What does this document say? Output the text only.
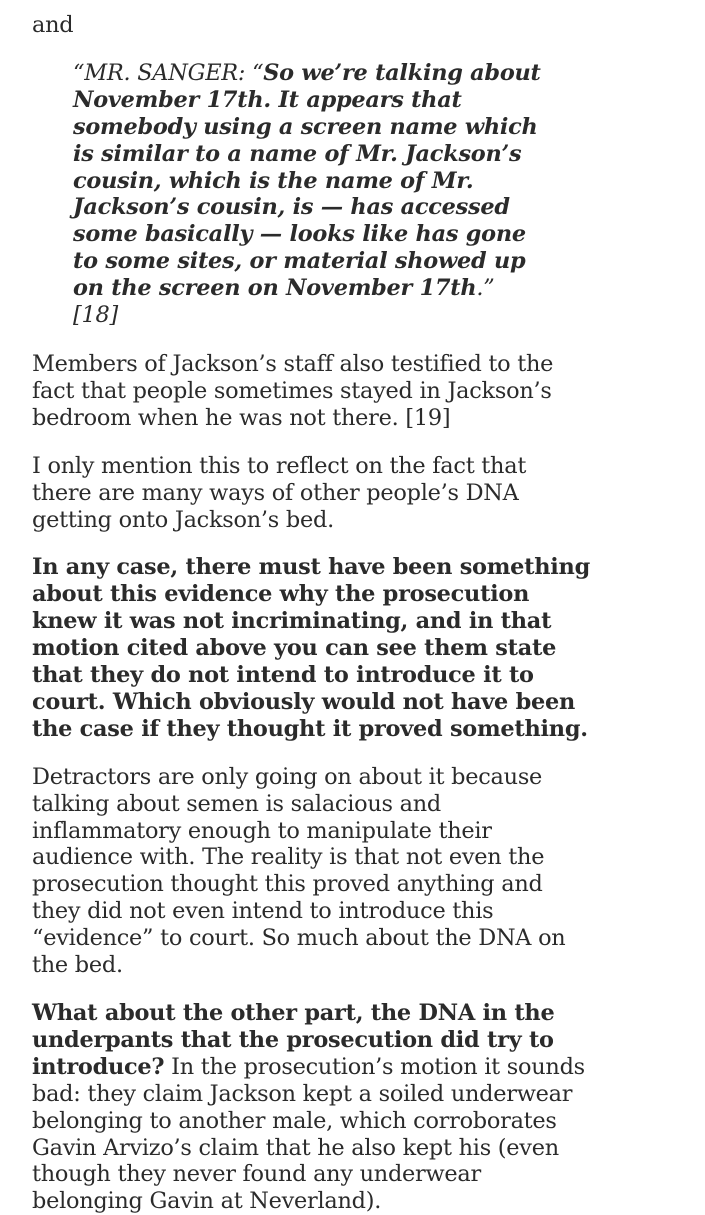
and

“MR. SANGER: “So we’re talking about November 17th. It appears that somebody using a screen name which is similar to a name of Mr. Jackson’s cousin, which is the name of Mr. Jackson’s cousin, is — has accessed some basically — looks like has gone to some sites, or material showed up on the screen on November 17th.” [18]

Members of Jackson’s staff also testified to the fact that people sometimes stayed in Jackson’s bedroom when he was not there. [19]

I only mention this to reflect on the fact that there are many ways of other people’s DNA getting onto Jackson’s bed.

In any case, there must have been something about this evidence why the prosecution knew it was not incriminating, and in that motion cited above you can see them state that they do not intend to introduce it to court. Which obviously would not have been the case if they thought it proved something.

Detractors are only going on about it because talking about semen is salacious and inflammatory enough to manipulate their audience with. The reality is that not even the prosecution thought this proved anything and they did not even intend to introduce this “evidence” to court. So much about the DNA on the bed.

What about the other part, the DNA in the underpants that the prosecution did try to introduce? In the prosecution’s motion it sounds bad: they claim Jackson kept a soiled underwear belonging to another male, which corroborates Gavin Arvizo’s claim that he also kept his (even though they never found any underwear belonging Gavin at Neverland).
